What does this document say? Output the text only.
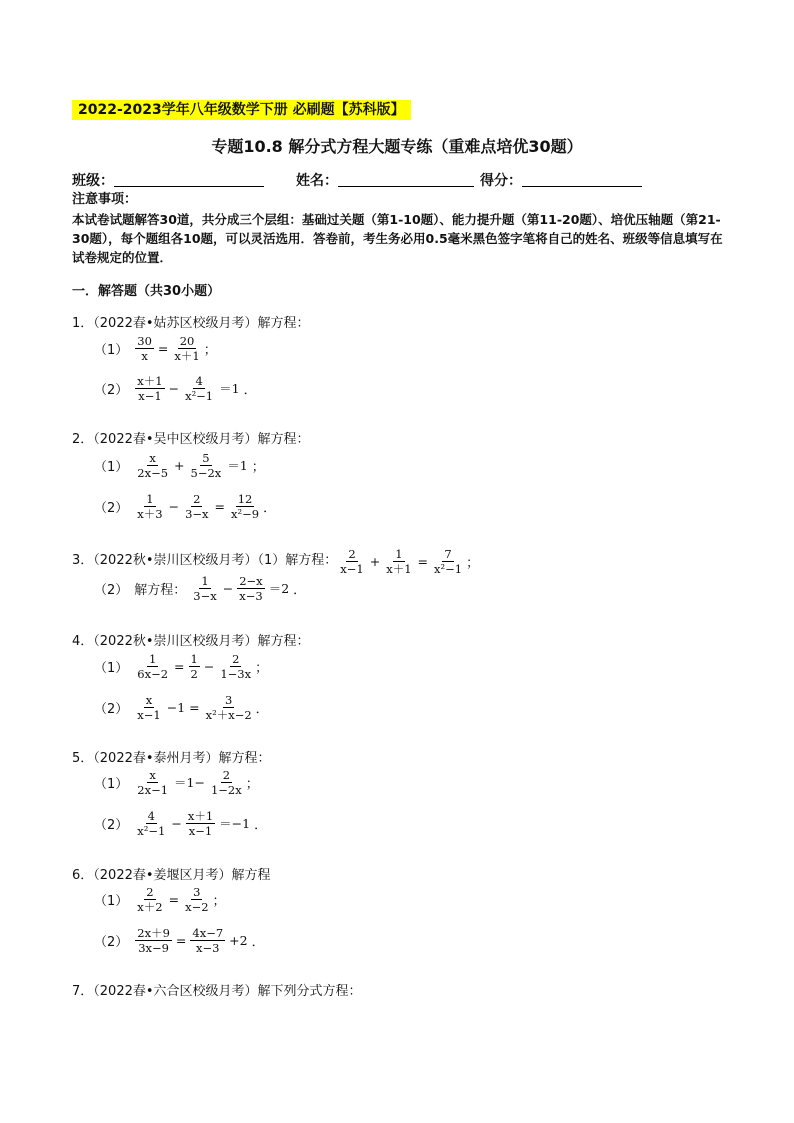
2022-2023学年八年级数学下册 必刷题【苏科版】
专题10.8 解分式方程大题专练（重难点培优30题）
班级：	姓名：	得分：
注意事项：
本试卷试题解答30道，共分成三个层组：基础过关题（第1-10题）、能力提升题（第11-20题）、培优压轴题（第21-30题），每个题组各10题，可以灵活选用．答卷前，考生务必用0.5毫米黑色签字笔将自己的姓名、班级等信息填写在试卷规定的位置．
一．解答题（共30小题）
1．（2022春•姑苏区校级月考）解方程：
$(1) \frac{30}{x} = \frac{20}{x+1}$ ；
$(2) \frac{x+1}{x-1} - \frac{4}{\text{x²−1}} =1$ ．
2．（2022春•吴中区校级月考）解方程：
$(1) \frac{x}{2x-5} + \frac{5}{5-2x} =1$ ；
$(2) \frac{1}{x+3} - \frac{2}{3-x} = \frac{12}{\text{x²−9}}$ ．
3．（2022秋•崇川区校级月考）（1）解方程： $\frac{2}{x-1} + \frac{1}{x+1} = \frac{7}{\text{x²−1}}$ ；
（2） 解方程： $\frac{1}{3-x} - \frac{2-x}{x-3} =2$ ．
4．（2022秋•崇川区校级月考）解方程：
$(1) \frac{1}{6x-2} = \frac{1}{2} - \frac{2}{1-3x}$ ；
$(2) \frac{x}{x-1} -1 = \frac{3}{\text{x²＋x−2}}$ ．
5．（2022春•泰州月考）解方程：
$(1) \frac{x}{2x-1} =1- \frac{2}{1-2x}$ ；
$(2) \frac{4}{\text{x²−1}} - \frac{x+1}{x-1} =-1$ ．
6．（2022春•姜堰区月考）解方程
$(1) \frac{2}{x+2} = \frac{3}{x-2}$ ；
$(2) \frac{2x+9}{3x-9} = \frac{4x-7}{x-3} +2$ ．
7．（2022春•六合区校级月考）解下列分式方程：
